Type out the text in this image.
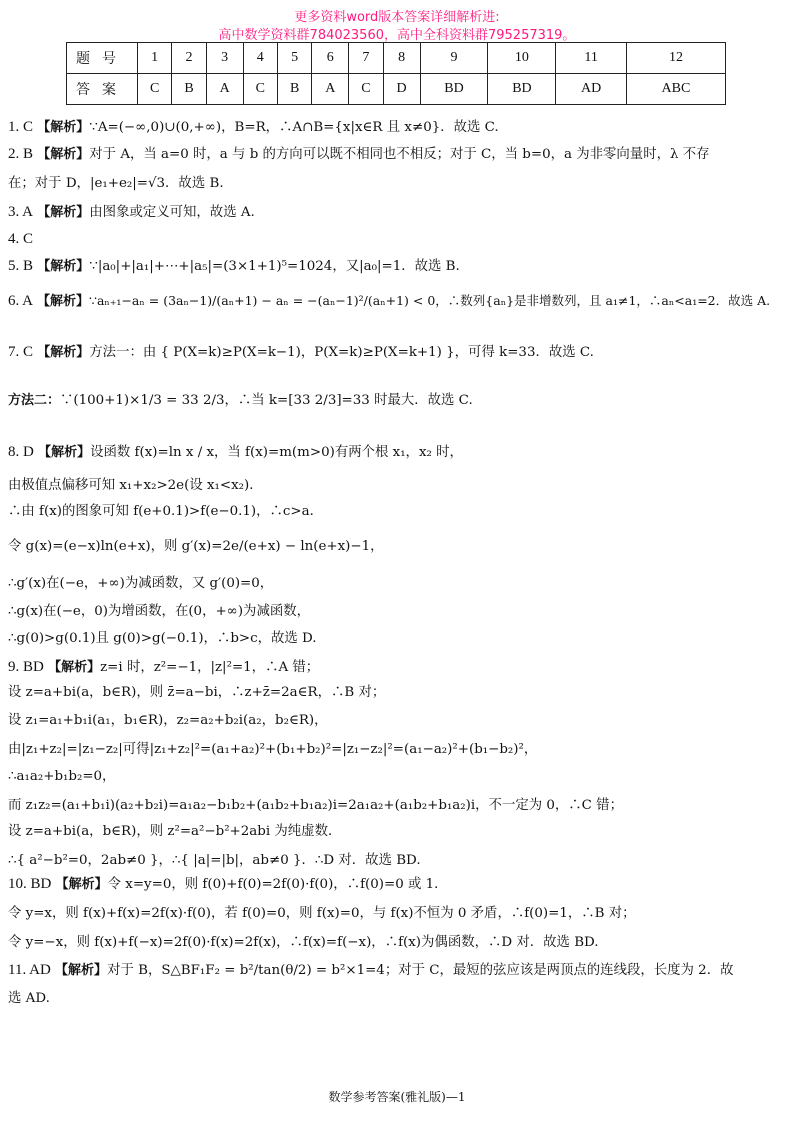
更多资料word版本答案详细解析进:
高中数学资料群784023560，高中全科资料群795257319。
题号	1	2	3	4	5	6	7	8	9	10	11	12
答案	C	B	A	C	B	A	C	D	BD	BD	AD	ABC
1. C 【解析】∵A=(−∞,0)∪(0,+∞)，B=R，∴A∩B={x|x∈R 且 x≠0}．故选 C.
2. B 【解析】对于 A，当 a=0 时，a 与 b 的方向可以既不相同也不相反；对于 C，当 b=0，a 为非零向量时，λ 不存
在；对于 D，|e₁+e₂|=√3．故选 B.
3. A 【解析】由图象或定义可知，故选 A.
4. C
5. B 【解析】∵|a₀|+|a₁|+⋯+|a₅|=(3×1+1)⁵=1024，又|a₀|=1．故选 B.
6. A 【解析】∵aₙ₊₁−aₙ = (3aₙ−1)/(aₙ+1) − aₙ = −(aₙ−1)²/(aₙ+1) < 0，∴数列{aₙ}是非增数列，且 a₁≠1，∴aₙ<a₁=2．故选 A.
7. C 【解析】方法一：由 { P(X=k)≥P(X=k−1)，P(X=k)≥P(X=k+1) }，可得 k=33．故选 C.
方法二：∵(100+1)×1/3 = 33 2/3，∴当 k=[33 2/3]=33 时最大．故选 C.
8. D 【解析】设函数 f(x)=ln x / x，当 f(x)=m(m>0)有两个根 x₁，x₂ 时，
由极值点偏移可知 x₁+x₂>2e(设 x₁<x₂)．
∴由 f(x)的图象可知 f(e+0.1)>f(e−0.1)，∴c>a．
令 g(x)=(e−x)ln(e+x)，则 g′(x)=2e/(e+x) − ln(e+x)−1，
∴g′(x)在(−e，+∞)为减函数，又 g′(0)=0，
∴g(x)在(−e，0)为增函数，在(0，+∞)为减函数，
∴g(0)>g(0.1)且 g(0)>g(−0.1)，∴b>c，故选 D.
9. BD 【解析】z=i 时，z²=−1，|z|²=1，∴A 错；
设 z=a+bi(a，b∈R)，则 z̄=a−bi，∴z+z̄=2a∈R，∴B 对；
设 z₁=a₁+b₁i(a₁，b₁∈R)，z₂=a₂+b₂i(a₂，b₂∈R)，
由|z₁+z₂|=|z₁−z₂|可得|z₁+z₂|²=(a₁+a₂)²+(b₁+b₂)²=|z₁−z₂|²=(a₁−a₂)²+(b₁−b₂)²，
∴a₁a₂+b₁b₂=0，
而 z₁z₂=(a₁+b₁i)(a₂+b₂i)=a₁a₂−b₁b₂+(a₁b₂+b₁a₂)i=2a₁a₂+(a₁b₂+b₁a₂)i，不一定为 0，∴C 错；
设 z=a+bi(a，b∈R)，则 z²=a²−b²+2abi 为纯虚数．
∴{ a²−b²=0，2ab≠0 }，∴{ |a|=|b|，ab≠0 }．∴D 对．故选 BD.
10. BD 【解析】令 x=y=0，则 f(0)+f(0)=2f(0)·f(0)，∴f(0)=0 或 1．
令 y=x，则 f(x)+f(x)=2f(x)·f(0)，若 f(0)=0，则 f(x)=0，与 f(x)不恒为 0 矛盾，∴f(0)=1，∴B 对；
令 y=−x，则 f(x)+f(−x)=2f(0)·f(x)=2f(x)，∴f(x)=f(−x)，∴f(x)为偶函数，∴D 对．故选 BD.
11. AD 【解析】对于 B，S△BF₁F₂ = b²/tan(θ/2) = b²×1=4；对于 C，最短的弦应该是两顶点的连线段，长度为 2．故
选 AD.
数学参考答案(雅礼版)—1
